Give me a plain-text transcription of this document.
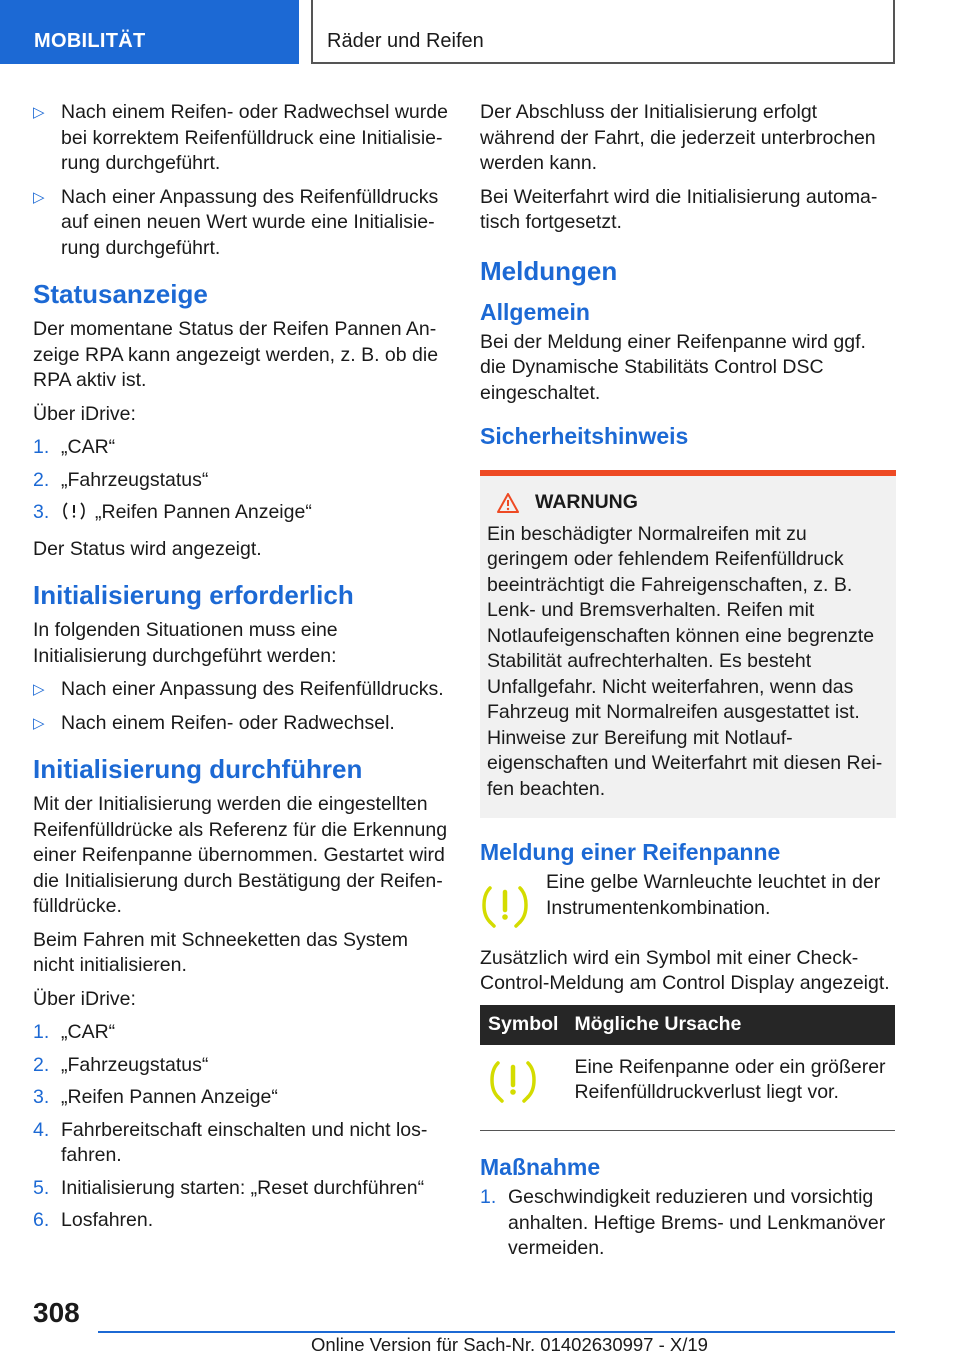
MOBILITÄT	Räder und Reifen
▷ Nach einem Reifen- oder Radwechsel wurde bei korrektem Reifenfülldruck eine Initialisierung durchgeführt.
▷ Nach einer Anpassung des Reifenfülldrucks auf einen neuen Wert wurde eine Initialisierung durchgeführt.
Statusanzeige

Der momentane Status der Reifen Pannen Anzeige RPA kann angezeigt werden, z. B. ob die RPA aktiv ist.

Über iDrive:

1. „CAR“
2. „Fahrzeugstatus“
3. „Reifen Pannen Anzeige“

Der Status wird angezeigt.

Initialisierung erforderlich

In folgenden Situationen muss eine Initialisierung durchgeführt werden:

▷ Nach einer Anpassung des Reifenfülldrucks.
▷ Nach einem Reifen- oder Radwechsel.
Initialisierung durchführen

Mit der Initialisierung werden die eingestellten Reifenfülldrücke als Referenz für die Erkennung einer Reifenpanne übernommen. Gestartet wird die Initialisierung durch Bestätigung der Reifenfülldrücke.

Beim Fahren mit Schneeketten das System nicht initialisieren.

Über iDrive:

1. „CAR“
2. „Fahrzeugstatus“
3. „Reifen Pannen Anzeige“
4. Fahrbereitschaft einschalten und nicht losfahren.
5. Initialisierung starten: „Reset durchführen“
6. Losfahren.

Der Abschluss der Initialisierung erfolgt während der Fahrt, die jederzeit unterbrochen werden kann.

Bei Weiterfahrt wird die Initialisierung automatisch fortgesetzt.

Meldungen
Allgemein

Bei der Meldung einer Reifenpanne wird ggf. die Dynamische Stabilitäts Control DSC eingeschaltet.

Sicherheitshinweis
WARNUNG
Ein beschädigter Normalreifen mit zu geringem oder fehlendem Reifenfülldruck beeinträchtigt die Fahreigenschaften, z. B. Lenk- und Bremsverhalten. Reifen mit Notlaufeigenschaften können eine begrenzte Stabilität aufrechterhalten. Es besteht Unfallgefahr. Nicht weiterfahren, wenn das Fahrzeug mit Normalreifen ausgestattet ist. Hinweise zur Bereifung mit Notlaufeigenschaften und Weiterfahrt mit diesen Reifen beachten.
Meldung einer Reifenpanne
Eine gelbe Warnleuchte leuchtet in der Instrumentenkombination.

Zusätzlich wird ein Symbol mit einer Check-Control-Meldung am Control Display angezeigt.

Symbol	Mögliche Ursache
	Eine Reifenpanne oder ein größerer Reifenfülldruckverlust liegt vor.
Maßnahme
1. Geschwindigkeit reduzieren und vorsichtig anhalten. Heftige Brems- und Lenkmanöver vermeiden.
308
Online Version für Sach-Nr. 01402630997 - X/19
